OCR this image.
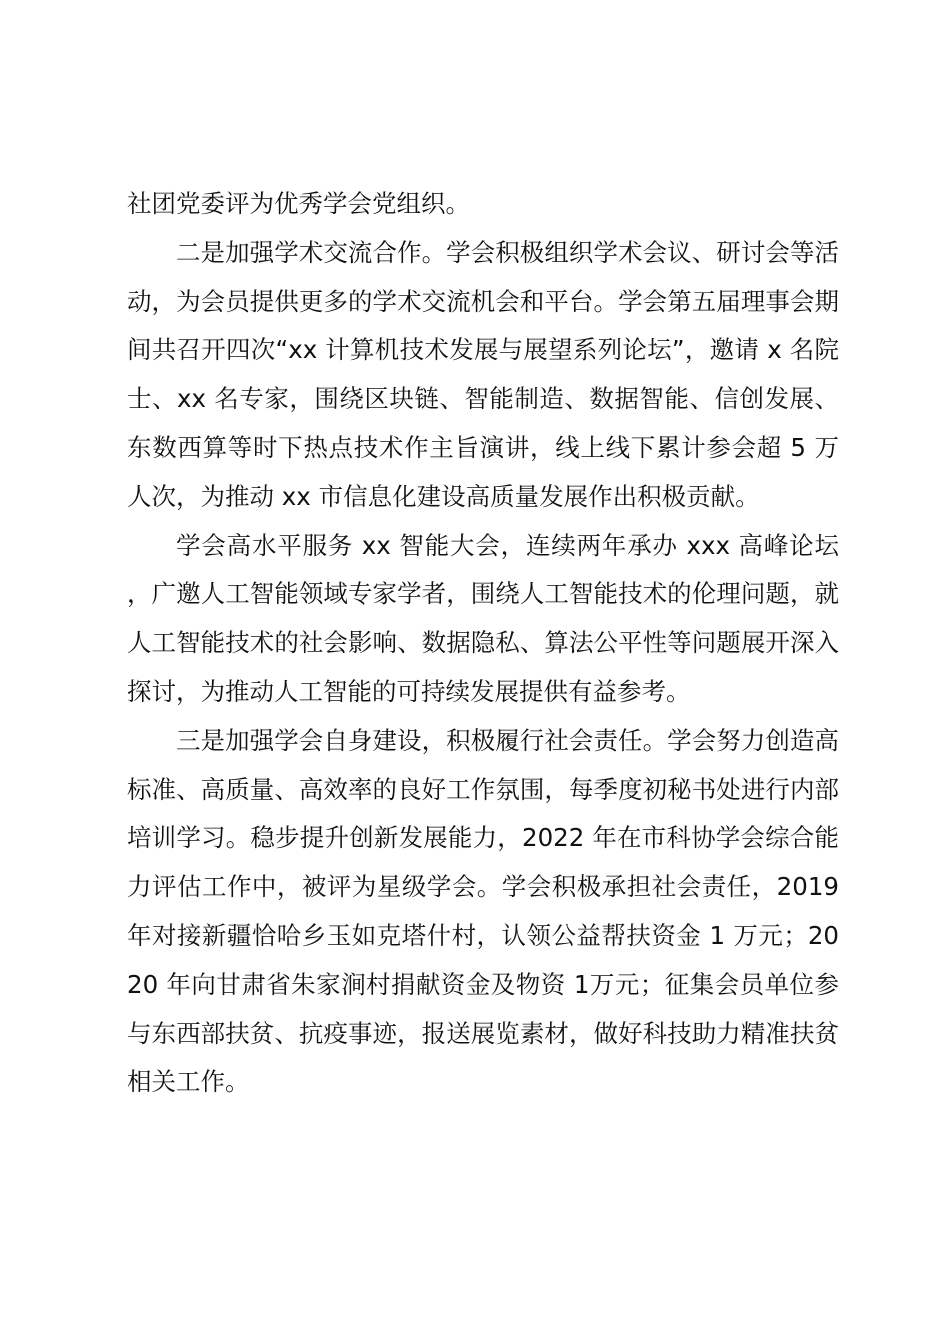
社团党委评为优秀学会党组织。

二是加强学术交流合作。学会积极组织学术会议、研讨会等活动，为会员提供更多的学术交流机会和平台。学会第五届理事会期间共召开四次“xx 计算机技术发展与展望系列论坛”，邀请 x 名院士、xx 名专家，围绕区块链、智能制造、数据智能、信创发展、东数西算等时下热点技术作主旨演讲，线上线下累计参会超 5 万人次，为推动 xx 市信息化建设高质量发展作出积极贡献。

学会高水平服务 xx 智能大会，连续两年承办 xxx 高峰论坛，广邀人工智能领域专家学者，围绕人工智能技术的伦理问题，就人工智能技术的社会影响、数据隐私、算法公平性等问题展开深入探讨，为推动人工智能的可持续发展提供有益参考。

三是加强学会自身建设，积极履行社会责任。学会努力创造高标准、高质量、高效率的良好工作氛围，每季度初秘书处进行内部培训学习。稳步提升创新发展能力，2022 年在市科协学会综合能力评估工作中，被评为星级学会。学会积极承担社会责任，2019 年对接新疆恰哈乡玉如克塔什村，认领公益帮扶资金 1 万元；2020 年向甘肃省朱家涧村捐献资金及物资 1万元；征集会员单位参与东西部扶贫、抗疫事迹，报送展览素材，做好科技助力精准扶贫相关工作。
